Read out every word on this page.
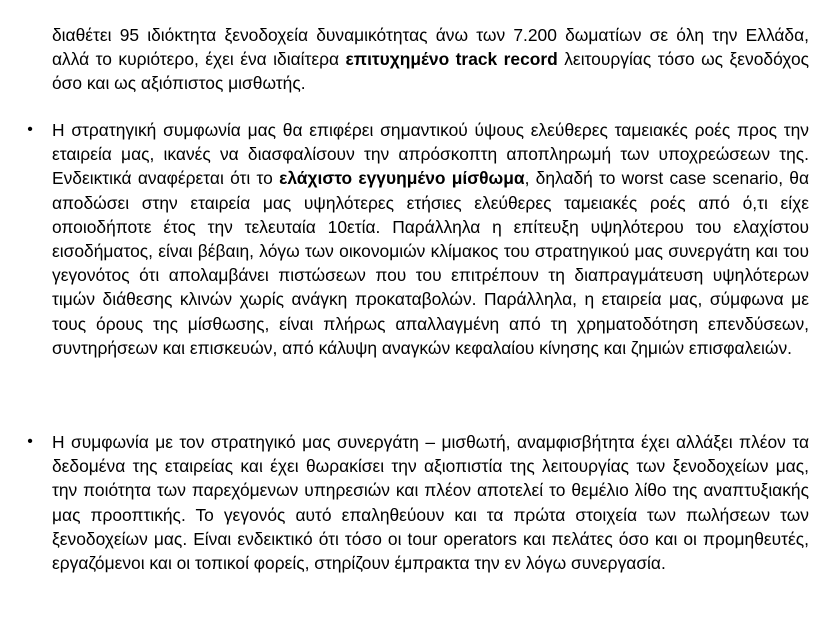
διαθέτει 95 ιδιόκτητα ξενοδοχεία δυναμικότητας άνω των 7.200 δωματίων σε όλη την Ελλάδα, αλλά το κυριότερο, έχει ένα ιδιαίτερα επιτυχημένο track record λειτουργίας τόσο ως ξενοδόχος όσο και ως αξιόπιστος μισθωτής.

• Η στρατηγική συμφωνία μας θα επιφέρει σημαντικού ύψους ελεύθερες ταμειακές ροές προς την εταιρεία μας, ικανές να διασφαλίσουν την απρόσκοπτη αποπληρωμή των υποχρεώσεων της. Ενδεικτικά αναφέρεται ότι το ελάχιστο εγγυημένο μίσθωμα, δηλαδή το worst case scenario, θα αποδώσει στην εταιρεία μας υψηλότερες ετήσιες ελεύθερες ταμειακές ροές από ό,τι είχε οποιοδήποτε έτος την τελευταία 10ετία. Παράλληλα η επίτευξη υψηλότερου του ελαχίστου εισοδήματος, είναι βέβαιη, λόγω των οικονομιών κλίμακος του στρατηγικού μας συνεργάτη και του γεγονότος ότι απολαμβάνει πιστώσεων που του επιτρέπουν τη διαπραγμάτευση υψηλότερων τιμών διάθεσης κλινών χωρίς ανάγκη προκαταβολών. Παράλληλα, η εταιρεία μας, σύμφωνα με τους όρους της μίσθωσης, είναι πλήρως απαλλαγμένη από τη χρηματοδότηση επενδύσεων, συντηρήσεων και επισκευών, από κάλυψη αναγκών κεφαλαίου κίνησης και ζημιών επισφαλειών.

• Η συμφωνία με τον στρατηγικό μας συνεργάτη – μισθωτή, αναμφισβήτητα έχει αλλάξει πλέον τα δεδομένα της εταιρείας και έχει θωρακίσει την αξιοπιστία της λειτουργίας των ξενοδοχείων μας, την ποιότητα των παρεχόμενων υπηρεσιών και πλέον αποτελεί το θεμέλιο λίθο της αναπτυξιακής μας προοπτικής. Το γεγονός αυτό επαληθεύουν και τα πρώτα στοιχεία των πωλήσεων των ξενοδοχείων μας. Είναι ενδεικτικό ότι τόσο οι tour operators και πελάτες όσο και οι προμηθευτές, εργαζόμενοι και οι τοπικοί φορείς, στηρίζουν έμπρακτα την εν λόγω συνεργασία.
